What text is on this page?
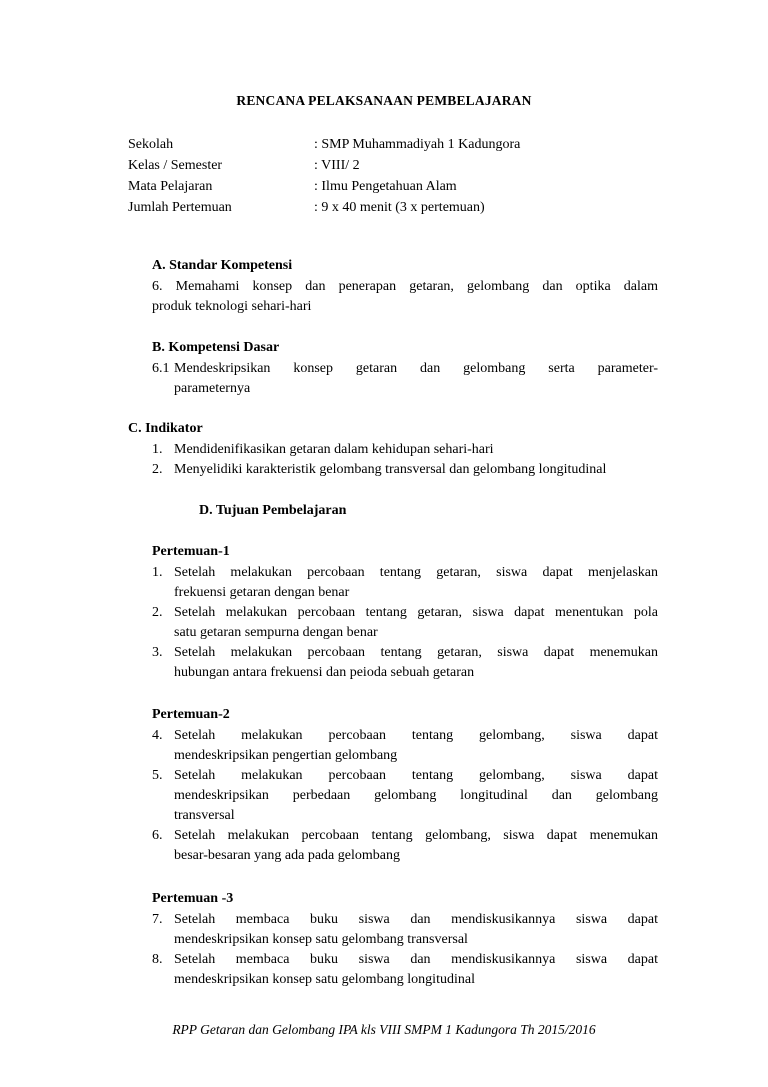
RENCANA PELAKSANAAN PEMBELAJARAN
Sekolah	: SMP Muhammadiyah 1 Kadungora
Kelas / Semester	: VIII/ 2
Mata Pelajaran	: Ilmu Pengetahuan Alam
Jumlah Pertemuan	: 9 x 40 menit (3 x pertemuan)
A. Standar Kompetensi
6. Memahami konsep dan penerapan getaran, gelombang dan optika dalam
produk teknologi sehari-hari
B. Kompetensi Dasar
6.1 Mendeskripsikan konsep getaran dan gelombang serta parameter-
parameternya
C. Indikator
1. Mendidenifikasikan getaran dalam kehidupan sehari-hari
2. Menyelidiki karakteristik gelombang transversal dan gelombang longitudinal
D. Tujuan Pembelajaran
Pertemuan-1
1. Setelah melakukan percobaan tentang getaran, siswa dapat menjelaskan
frekuensi getaran dengan benar
2. Setelah melakukan percobaan tentang getaran, siswa dapat menentukan pola
satu getaran sempurna dengan benar
3. Setelah melakukan percobaan tentang getaran, siswa dapat menemukan
hubungan antara frekuensi dan peioda sebuah getaran
Pertemuan-2
4. Setelah melakukan percobaan tentang gelombang, siswa dapat
mendeskripsikan pengertian gelombang
5. Setelah melakukan percobaan tentang gelombang, siswa dapat
mendeskripsikan perbedaan gelombang longitudinal dan gelombang
transversal
6. Setelah melakukan percobaan tentang gelombang, siswa dapat menemukan
besar-besaran yang ada pada gelombang
Pertemuan -3
7. Setelah membaca buku siswa dan mendiskusikannya siswa dapat
mendeskripsikan konsep satu gelombang transversal
8. Setelah membaca buku siswa dan mendiskusikannya siswa dapat
mendeskripsikan konsep satu gelombang longitudinal
RPP Getaran dan Gelombang IPA kls VIII SMPM 1 Kadungora Th 2015/2016
